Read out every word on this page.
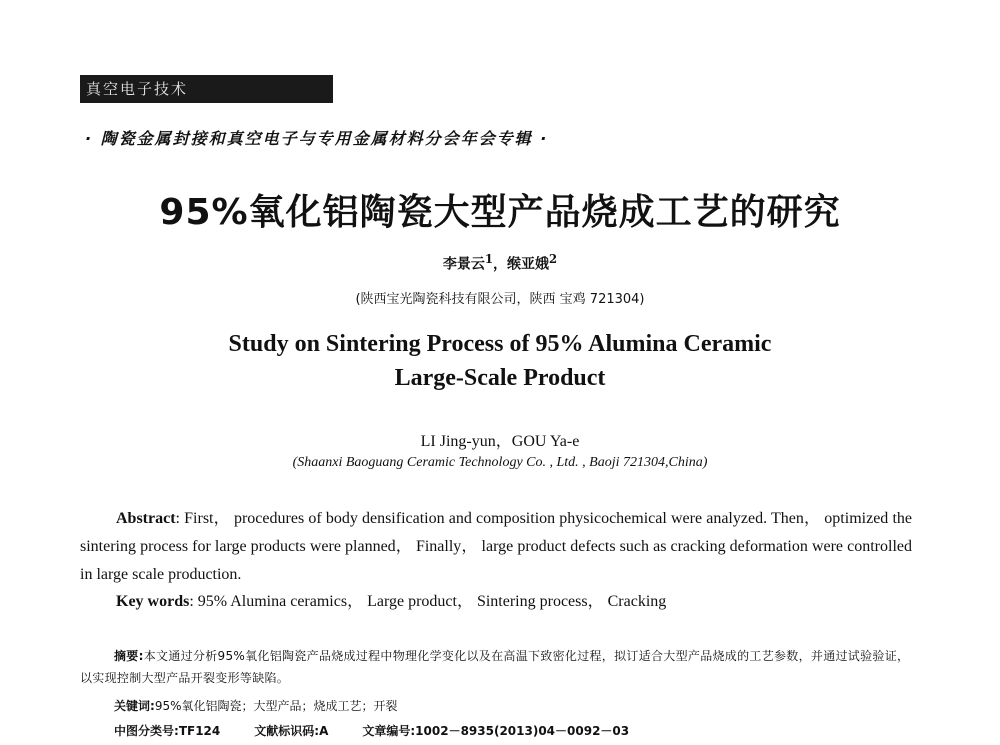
真空电子技术
· 陶瓷金属封接和真空电子与专用金属材料分会年会专辑 ·
95%氧化铝陶瓷大型产品烧成工艺的研究
李景云$^1$，缑亚娥$^2$
(陕西宝光陶瓷科技有限公司，陕西 宝鸡 721304)
Study on Sintering Process of 95% Alumina Ceramic
Large-Scale Product
LI Jing-yun，GOU Ya-e
(Shaanxi Baoguang Ceramic Technology Co. , Ltd. , Baoji 721304,China)
Abstract: First， procedures of body densification and composition physicochemical were analyzed. Then， optimized the sintering process for large products were planned， Finally， large product defects such as cracking deformation were controlled in large scale production.
Key words: 95% Alumina ceramics， Large product， Sintering process， Cracking
摘要:本文通过分析95%氧化铝陶瓷产品烧成过程中物理化学变化以及在高温下致密化过程，拟订适合大型产品烧成的工艺参数，并通过试验验证，以实现控制大型产品开裂变形等缺陷。
关键词:95%氧化铝陶瓷；大型产品；烧成工艺；开裂
中图分类号:TF124	文献标识码:A	文章编号:1002－8935(2013)04－0092－03
